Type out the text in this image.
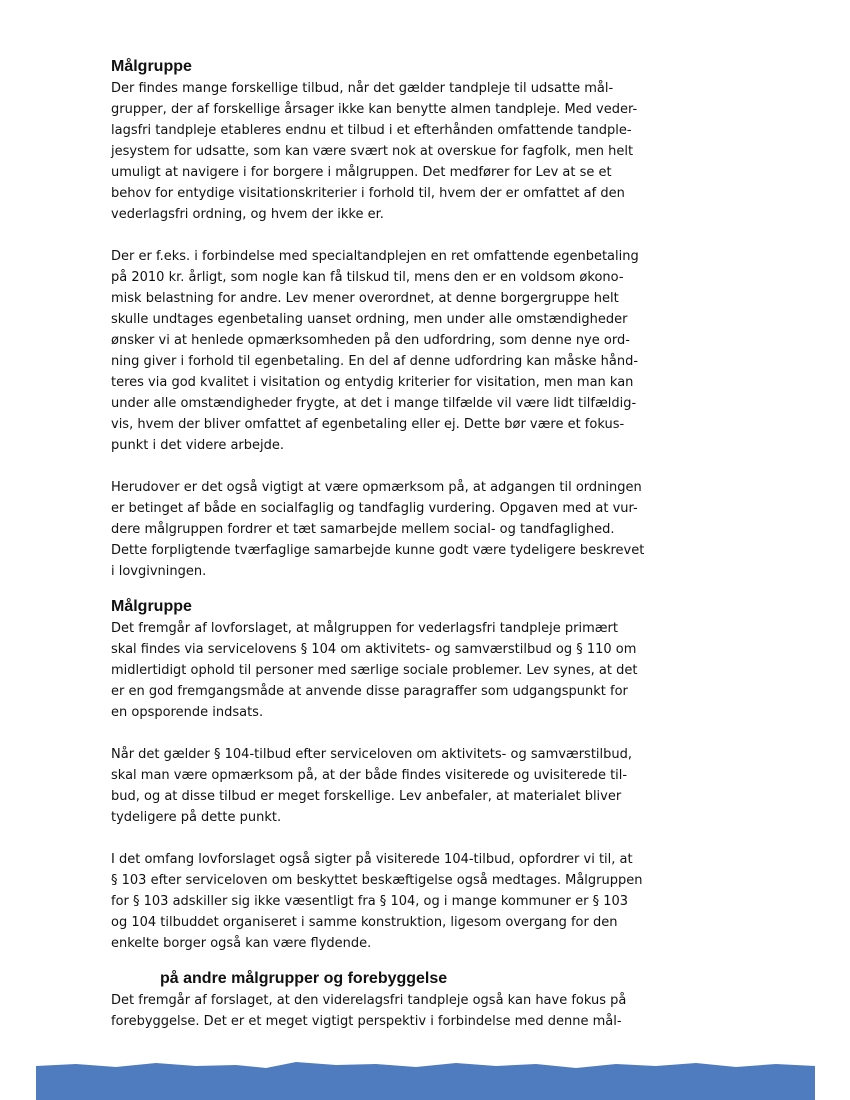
Målgruppe

Der findes mange forskellige tilbud, når det gælder tandpleje til udsatte mål-
grupper, der af forskellige årsager ikke kan benytte almen tandpleje. Med veder-
lagsfri tandpleje etableres endnu et tilbud i et efterhånden omfattende tandple-
jesystem for udsatte, som kan være svært nok at overskue for fagfolk, men helt
umuligt at navigere i for borgere i målgruppen. Det medfører for Lev at se et
behov for entydige visitationskriterier i forhold til, hvem der er omfattet af den
vederlagsfri ordning, og hvem der ikke er.

Der er f.eks. i forbindelse med specialtandplejen en ret omfattende egenbetaling
på 2010 kr. årligt, som nogle kan få tilskud til, mens den er en voldsom økono-
misk belastning for andre. Lev mener overordnet, at denne borgergruppe helt
skulle undtages egenbetaling uanset ordning, men under alle omstændigheder
ønsker vi at henlede opmærksomheden på den udfordring, som denne nye ord-
ning giver i forhold til egenbetaling. En del af denne udfordring kan måske hånd-
teres via god kvalitet i visitation og entydig kriterier for visitation, men man kan
under alle omstændigheder frygte, at det i mange tilfælde vil være lidt tilfældig-
vis, hvem der bliver omfattet af egenbetaling eller ej. Dette bør være et fokus-
punkt i det videre arbejde.

Herudover er det også vigtigt at være opmærksom på, at adgangen til ordningen
er betinget af både en socialfaglig og tandfaglig vurdering. Opgaven med at vur-
dere målgruppen fordrer et tæt samarbejde mellem social- og tandfaglighed.
Dette forpligtende tværfaglige samarbejde kunne godt være tydeligere beskrevet
i lovgivningen.

Målgruppe

Det fremgår af lovforslaget, at målgruppen for vederlagsfri tandpleje primært
skal findes via servicelovens § 104 om aktivitets- og samværstilbud og § 110 om
midlertidigt ophold til personer med særlige sociale problemer. Lev synes, at det
er en god fremgangsmåde at anvende disse paragraffer som udgangspunkt for
en opsporende indsats.

Når det gælder § 104-tilbud efter serviceloven om aktivitets- og samværstilbud,
skal man være opmærksom på, at der både findes visiterede og uvisiterede til-
bud, og at disse tilbud er meget forskellige. Lev anbefaler, at materialet bliver
tydeligere på dette punkt.

I det omfang lovforslaget også sigter på visiterede 104-tilbud, opfordrer vi til, at
§ 103 efter serviceloven om beskyttet beskæftigelse også medtages. Målgruppen
for § 103 adskiller sig ikke væsentligt fra § 104, og i mange kommuner er § 103
og 104 tilbuddet organiseret i samme konstruktion, ligesom overgang for den
enkelte borger også kan være flydende.

på andre målgrupper og forebyggelse

Det fremgår af forslaget, at den viderelagsfri tandpleje også kan have fokus på
forebyggelse. Det er et meget vigtigt perspektiv i forbindelse med denne mål-
